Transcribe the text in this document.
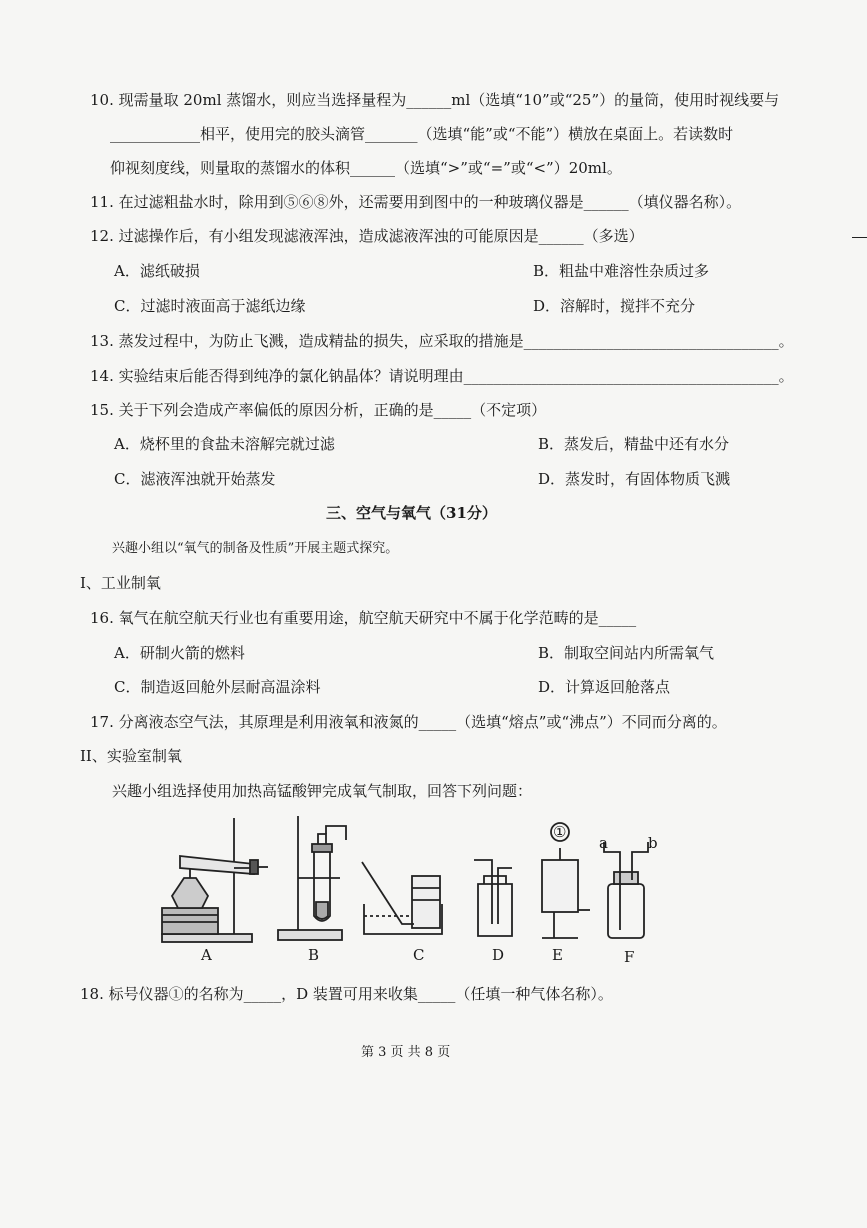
10. 现需量取 20ml 蒸馏水，则应当选择量程为______ml（选填“10”或“25”）的量筒，使用时视线要与
____________相平，使用完的胶头滴管_______（选填“能”或“不能”）横放在桌面上。若读数时
仰视刻度线，则量取的蒸馏水的体积______（选填“>”或“=”或“<”）20ml。
11. 在过滤粗盐水时，除用到⑤⑥⑧外，还需要用到图中的一种玻璃仪器是______（填仪器名称）。
12. 过滤操作后，有小组发现滤液浑浊，造成滤液浑浊的可能原因是______（多选）
A．滤纸破损	B．粗盐中难溶性杂质过多
C．过滤时液面高于滤纸边缘	D．溶解时，搅拌不充分
13. 蒸发过程中，为防止飞溅，造成精盐的损失，应采取的措施是__________________________________。
14. 实验结束后能否得到纯净的氯化钠晶体？请说明理由__________________________________________。
15. 关于下列会造成产率偏低的原因分析，正确的是_____（不定项）
A．烧杯里的食盐未溶解完就过滤	B．蒸发后，精盐中还有水分
C．滤液浑浊就开始蒸发	D．蒸发时，有固体物质飞溅
三、空气与氧气（31分）
兴趣小组以“氧气的制备及性质”开展主题式探究。
I、工业制氧
16. 氧气在航空航天行业也有重要用途，航空航天研究中不属于化学范畴的是_____
A．研制火箭的燃料	B．制取空间站内所需氧气
C．制造返回舱外层耐高温涂料	D．计算返回舱落点
17. 分离液态空气法，其原理是利用液氧和液氮的_____（选填“熔点”或“沸点”）不同而分离的。
II、实验室制氧
兴趣小组选择使用加热高锰酸钾完成氧气制取，回答下列问题：
A	B	C	D	E	F
①
a	b
18. 标号仪器①的名称为_____，D 装置可用来收集_____（任填一种气体名称）。
第 3 页 共 8 页
